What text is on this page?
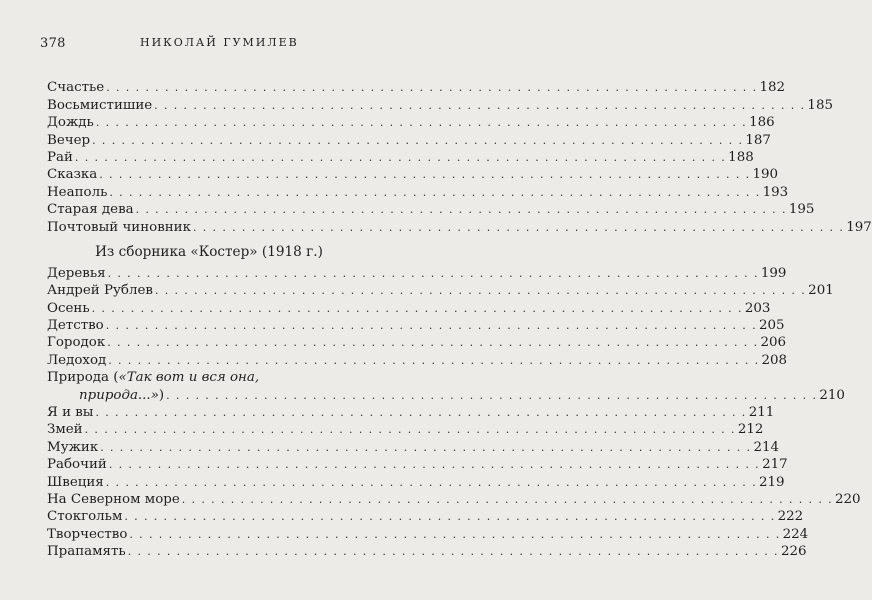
378	НИКОЛАЙ ГУМИЛЕВ
Счастье . . . . . . . . . . . . . . . . . . . . . . . . . . . . . . . . . . . . . . . . . . . . . . . . . . . . . . . . . . . . . . . . . . . 182
Восьмистишие . . . . . . . . . . . . . . . . . . . . . . . . . . . . . . . . . . . . . . . . . . . . . . . . . . . . . . . . . . . . . . . . . . . 185
Дождь . . . . . . . . . . . . . . . . . . . . . . . . . . . . . . . . . . . . . . . . . . . . . . . . . . . . . . . . . . . . . . . . . . . 186
Вечер . . . . . . . . . . . . . . . . . . . . . . . . . . . . . . . . . . . . . . . . . . . . . . . . . . . . . . . . . . . . . . . . . . . 187
Рай . . . . . . . . . . . . . . . . . . . . . . . . . . . . . . . . . . . . . . . . . . . . . . . . . . . . . . . . . . . . . . . . . . . 188
Сказка . . . . . . . . . . . . . . . . . . . . . . . . . . . . . . . . . . . . . . . . . . . . . . . . . . . . . . . . . . . . . . . . . . . 190
Неаполь . . . . . . . . . . . . . . . . . . . . . . . . . . . . . . . . . . . . . . . . . . . . . . . . . . . . . . . . . . . . . . . . . . . 193
Старая дева . . . . . . . . . . . . . . . . . . . . . . . . . . . . . . . . . . . . . . . . . . . . . . . . . . . . . . . . . . . . . . . . . . . 195
Почтовый чиновник . . . . . . . . . . . . . . . . . . . . . . . . . . . . . . . . . . . . . . . . . . . . . . . . . . . . . . . . . . . . . . . . . . . 197
Из сборника «Костер» (1918 г.)
Деревья . . . . . . . . . . . . . . . . . . . . . . . . . . . . . . . . . . . . . . . . . . . . . . . . . . . . . . . . . . . . . . . . . . . 199
Андрей Рублев . . . . . . . . . . . . . . . . . . . . . . . . . . . . . . . . . . . . . . . . . . . . . . . . . . . . . . . . . . . . . . . . . . . 201
Осень . . . . . . . . . . . . . . . . . . . . . . . . . . . . . . . . . . . . . . . . . . . . . . . . . . . . . . . . . . . . . . . . . . . 203
Детство . . . . . . . . . . . . . . . . . . . . . . . . . . . . . . . . . . . . . . . . . . . . . . . . . . . . . . . . . . . . . . . . . . . 205
Городок . . . . . . . . . . . . . . . . . . . . . . . . . . . . . . . . . . . . . . . . . . . . . . . . . . . . . . . . . . . . . . . . . . . 206
Ледоход . . . . . . . . . . . . . . . . . . . . . . . . . . . . . . . . . . . . . . . . . . . . . . . . . . . . . . . . . . . . . . . . . . . 208
Природа («Так вот и вся она,
природа...») . . . . . . . . . . . . . . . . . . . . . . . . . . . . . . . . . . . . . . . . . . . . . . . . . . . . . . . . . . . . . . . . . . . 210
Я и вы . . . . . . . . . . . . . . . . . . . . . . . . . . . . . . . . . . . . . . . . . . . . . . . . . . . . . . . . . . . . . . . . . . . 211
Змей . . . . . . . . . . . . . . . . . . . . . . . . . . . . . . . . . . . . . . . . . . . . . . . . . . . . . . . . . . . . . . . . . . . 212
Мужик . . . . . . . . . . . . . . . . . . . . . . . . . . . . . . . . . . . . . . . . . . . . . . . . . . . . . . . . . . . . . . . . . . . 214
Рабочий . . . . . . . . . . . . . . . . . . . . . . . . . . . . . . . . . . . . . . . . . . . . . . . . . . . . . . . . . . . . . . . . . . . 217
Швеция . . . . . . . . . . . . . . . . . . . . . . . . . . . . . . . . . . . . . . . . . . . . . . . . . . . . . . . . . . . . . . . . . . . 219
На Северном море . . . . . . . . . . . . . . . . . . . . . . . . . . . . . . . . . . . . . . . . . . . . . . . . . . . . . . . . . . . . . . . . . . . 220
Стокгольм . . . . . . . . . . . . . . . . . . . . . . . . . . . . . . . . . . . . . . . . . . . . . . . . . . . . . . . . . . . . . . . . . . . 222
Творчество . . . . . . . . . . . . . . . . . . . . . . . . . . . . . . . . . . . . . . . . . . . . . . . . . . . . . . . . . . . . . . . . . . . 224
Прапамять . . . . . . . . . . . . . . . . . . . . . . . . . . . . . . . . . . . . . . . . . . . . . . . . . . . . . . . . . . . . . . . . . . . 226
